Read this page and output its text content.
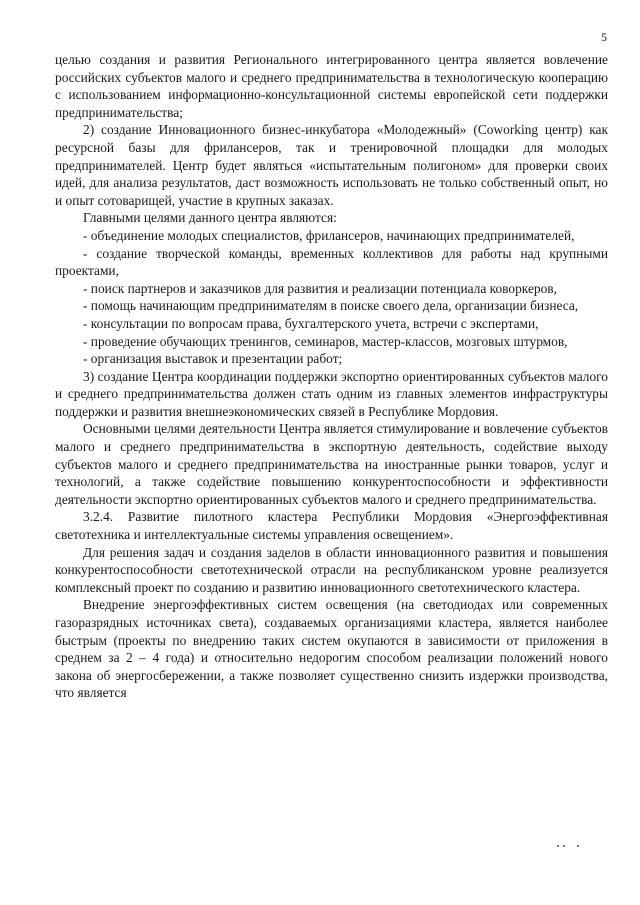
5

целью создания и развития Регионального интегрированного центра является вовлечение российских субъектов малого и среднего предпринимательства в технологическую кооперацию с использованием информационно-консультационной системы европейской сети поддержки предпринимательства;

2) создание Инновационного бизнес-инкубатора «Молодежный» (Coworking центр) как ресурсной базы для фрилансеров, так и тренировочной площадки для молодых предпринимателей. Центр будет являться «испытательным полигоном» для проверки своих идей, для анализа результатов, даст возможность использовать не только собственный опыт, но и опыт сотоварищей, участие в крупных заказах.

Главными целями данного центра являются:

- объединение молодых специалистов, фрилансеров, начинающих предпринимателей,

- создание творческой команды, временных коллективов для работы над крупными проектами,

- поиск партнеров и заказчиков для развития и реализации потенциала коворкеров,

- помощь начинающим предпринимателям в поиске своего дела, организации бизнеса,

- консультации по вопросам права, бухгалтерского учета, встречи с экспертами,

- проведение обучающих тренингов, семинаров, мастер-классов, мозговых штурмов,

- организация выставок и презентации работ;

3) создание Центра координации поддержки экспортно ориентированных субъектов малого и среднего предпринимательства должен стать одним из главных элементов инфраструктуры поддержки и развития внешнеэкономических связей в Республике Мордовия.

Основными целями деятельности Центра является стимулирование и вовлечение субъектов малого и среднего предпринимательства в экспортную деятельность, содействие выходу субъектов малого и среднего предпринимательства на иностранные рынки товаров, услуг и технологий, а также содействие повышению конкурентоспособности и эффективности деятельности экспортно ориентированных субъектов малого и среднего предпринимательства.

3.2.4. Развитие пилотного кластера Республики Мордовия «Энергоэффективная светотехника и интеллектуальные системы управления освещением».

Для решения задач и создания заделов в области инновационного развития и повышения конкурентоспособности светотехнической отрасли на республиканском уровне реализуется комплексный проект по созданию и развитию инновационного светотехнического кластера.

Внедрение энергоэффективных систем освещения (на светодиодах или современных газоразрядных источниках света), создаваемых организациями кластера, является наиболее быстрым (проекты по внедрению таких систем окупаются в зависимости от приложения в среднем за 2 – 4 года) и относительно недорогим способом реализации положений нового закона об энергосбережении, а также позволяет существенно снизить издержки производства, что является
